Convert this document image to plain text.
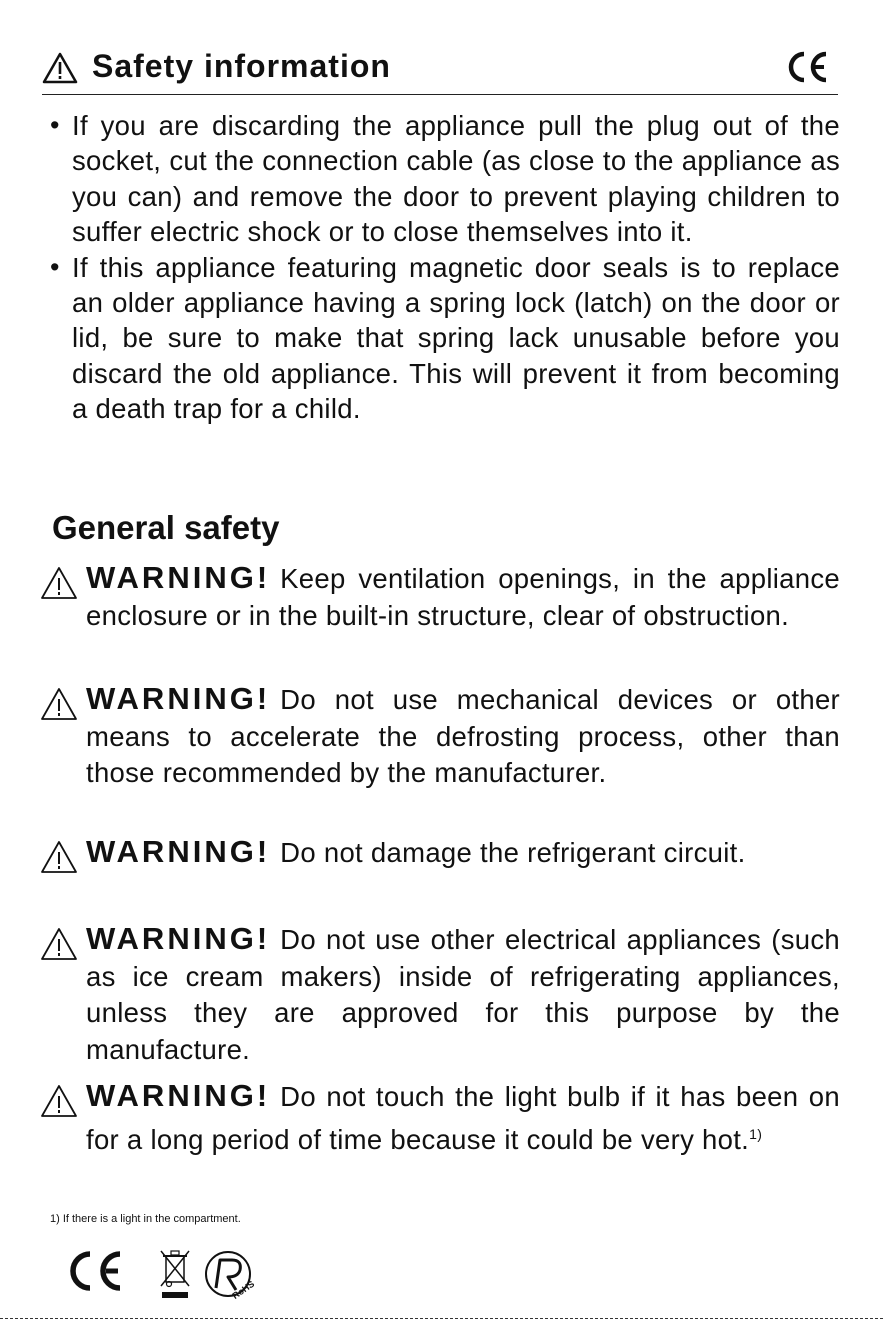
Safety information
• If you are discarding the appliance pull the plug out of the socket, cut the connection cable (as close to the appliance as you can) and remove the door to prevent playing children to suffer electric shock or to close themselves into it.
• If this appliance featuring magnetic door seals is to replace an older appliance having a spring lock (latch) on the door or lid, be sure to make that spring lack unusable before you discard the old appliance. This will prevent it from becoming a death trap for a child.
General safety
WARNING! Keep ventilation openings, in the appliance enclosure or in the built-in structure, clear of obstruction.
WARNING! Do not use mechanical devices or other means to accelerate the defrosting process, other than those recommended by the manufacturer.
WARNING! Do not damage the refrigerant circuit.
WARNING! Do not use other electrical appliances (such as ice cream makers) inside of refrigerating appliances, unless they are approved for this purpose by the manufacture.
WARNING! Do not touch the light bulb if it has been on for a long period of time because it could be very hot.$^{1)}$
1) If there is a light in the compartment.
RoHS
